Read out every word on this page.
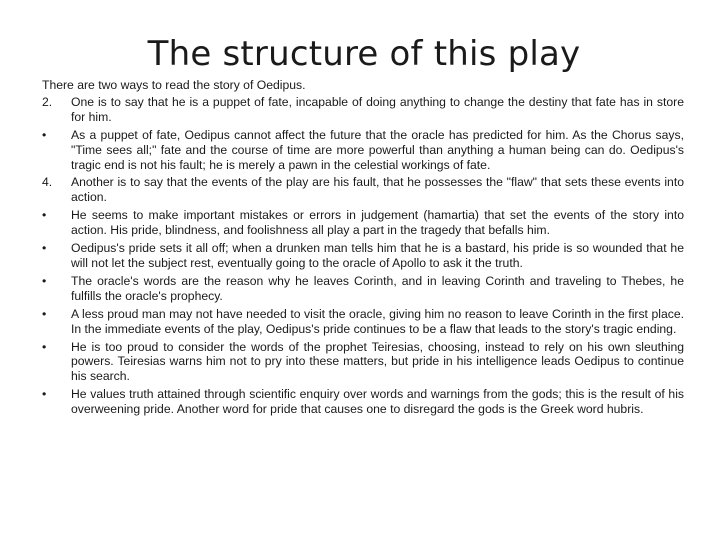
The structure of this play
There are two ways to read the story of Oedipus.
2.	One is to say that he is a puppet of fate, incapable of doing anything to change the destiny that fate has in store for him.
•	As a puppet of fate, Oedipus cannot affect the future that the oracle has predicted for him. As the Chorus says, "Time sees all;" fate and the course of time are more powerful than anything a human being can do. Oedipus's tragic end is not his fault; he is merely a pawn in the celestial workings of fate.
4.	Another is to say that the events of the play are his fault, that he possesses the "flaw" that sets these events into action.
•	He seems to make important mistakes or errors in judgement (hamartia) that set the events of the story into action. His pride, blindness, and foolishness all play a part in the tragedy that befalls him.
•	Oedipus's pride sets it all off; when a drunken man tells him that he is a bastard, his pride is so wounded that he will not let the subject rest, eventually going to the oracle of Apollo to ask it the truth.
•	The oracle's words are the reason why he leaves Corinth, and in leaving Corinth and traveling to Thebes, he fulfills the oracle's prophecy.
•	A less proud man may not have needed to visit the oracle, giving him no reason to leave Corinth in the first place. In the immediate events of the play, Oedipus's pride continues to be a flaw that leads to the story's tragic ending.
•	He is too proud to consider the words of the prophet Teiresias, choosing, instead to rely on his own sleuthing powers. Teiresias warns him not to pry into these matters, but pride in his intelligence leads Oedipus to continue his search.
•	He values truth attained through scientific enquiry over words and warnings from the gods; this is the result of his overweening pride. Another word for pride that causes one to disregard the gods is the Greek word hubris.
